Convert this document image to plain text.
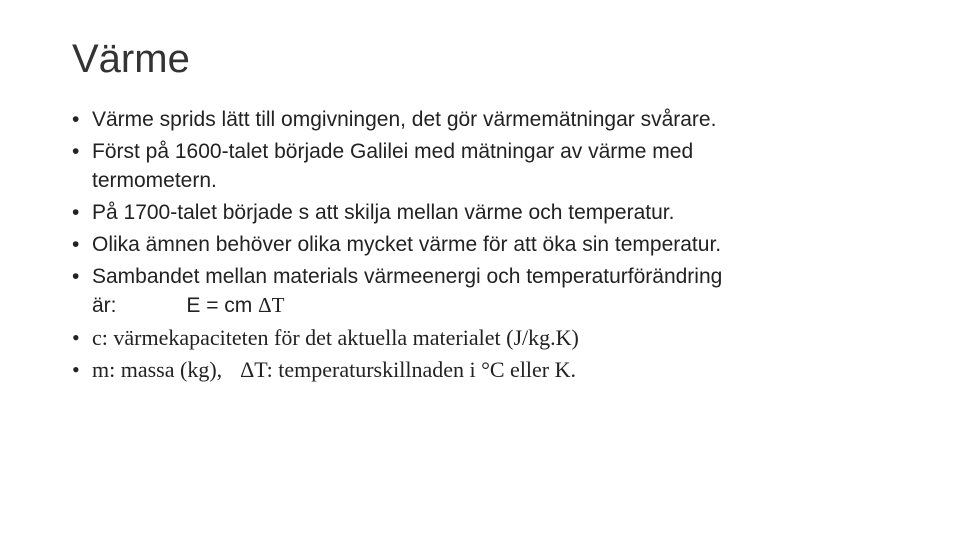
Värme
• Värme sprids lätt till omgivningen, det gör värmemätningar svårare.
• Först på 1600-talet började Galilei med mätningar av värme med
termometern.
• På 1700-talet började s att skilja mellan värme och temperatur.
• Olika ämnen behöver olika mycket värme för att öka sin temperatur.
• Sambandet mellan materials värmeenergi och temperaturförändring
är:	E = cm ΔT
• c: värmekapaciteten för det aktuella materialet (J/kg.K)
• m: massa (kg), ΔT: temperaturskillnaden i °C eller K.
